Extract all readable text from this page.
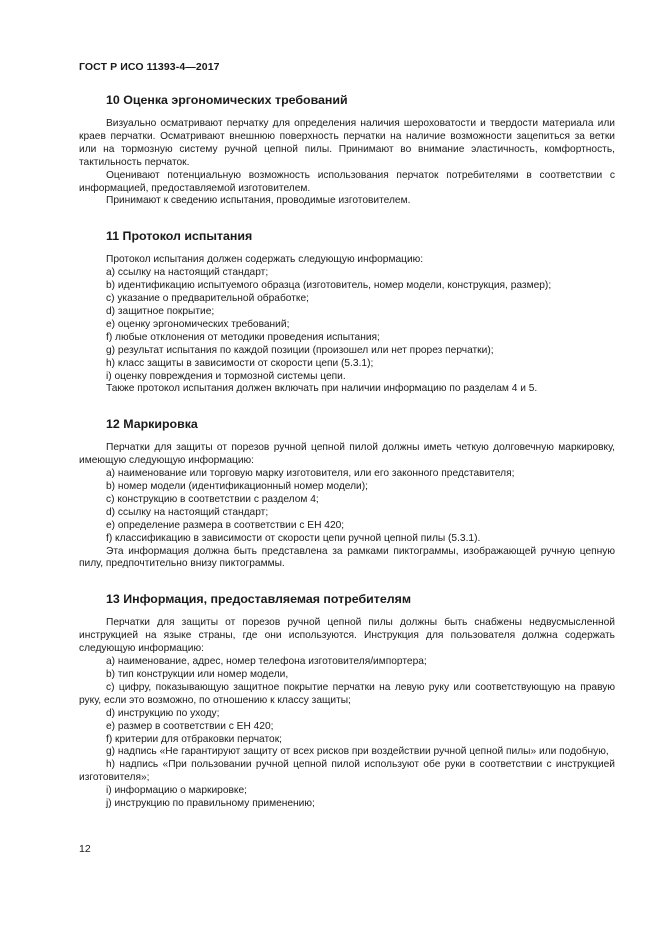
ГОСТ Р ИСО 11393-4—2017
10 Оценка эргономических требований

Визуально осматривают перчатку для определения наличия шероховатости и твердости материала или краев перчатки. Осматривают внешнюю поверхность перчатки на наличие возможности зацепиться за ветки или на тормозную систему ручной цепной пилы. Принимают во внимание эластичность, комфортность, тактильность перчаток.

Оценивают потенциальную возможность использования перчаток потребителями в соответствии с информацией, предоставляемой изготовителем.

Принимают к сведению испытания, проводимые изготовителем.

11 Протокол испытания

Протокол испытания должен содержать следующую информацию:

a) ссылку на настоящий стандарт;

b) идентификацию испытуемого образца (изготовитель, номер модели, конструкция, размер);

c) указание о предварительной обработке;

d) защитное покрытие;

e) оценку эргономических требований;

f) любые отклонения от методики проведения испытания;

g) результат испытания по каждой позиции (произошел или нет прорез перчатки);

h) класс защиты в зависимости от скорости цепи (5.3.1);

i) оценку повреждения и тормозной системы цепи.

Также протокол испытания должен включать при наличии информацию по разделам 4 и 5.

12 Маркировка

Перчатки для защиты от порезов ручной цепной пилой должны иметь четкую долговечную маркировку, имеющую следующую информацию:

a) наименование или торговую марку изготовителя, или его законного представителя;

b) номер модели (идентификационный номер модели);

c) конструкцию в соответствии с разделом 4;

d) ссылку на настоящий стандарт;

e) определение размера в соответствии с ЕН 420;

f) классификацию в зависимости от скорости цепи ручной цепной пилы (5.3.1).

Эта информация должна быть представлена за рамками пиктограммы, изображающей ручную цепную пилу, предпочтительно внизу пиктограммы.

13 Информация, предоставляемая потребителям

Перчатки для защиты от порезов ручной цепной пилы должны быть снабжены недвусмысленной инструкцией на языке страны, где они используются. Инструкция для пользователя должна содержать следующую информацию:

a) наименование, адрес, номер телефона изготовителя/импортера;

b) тип конструкции или номер модели,

c) цифру, показывающую защитное покрытие перчатки на левую руку или соответствующую на правую руку, если это возможно, по отношению к классу защиты;

d) инструкцию по уходу;

e) размер в соответствии с ЕН 420;

f) критерии для отбраковки перчаток;

g) надпись «Не гарантируют защиту от всех рисков при воздействии ручной цепной пилы» или подобную,

h) надпись «При пользовании ручной цепной пилой используют обе руки в соответствии с инструкцией изготовителя»;

i) информацию о маркировке;

j) инструкцию по правильному применению;

12
